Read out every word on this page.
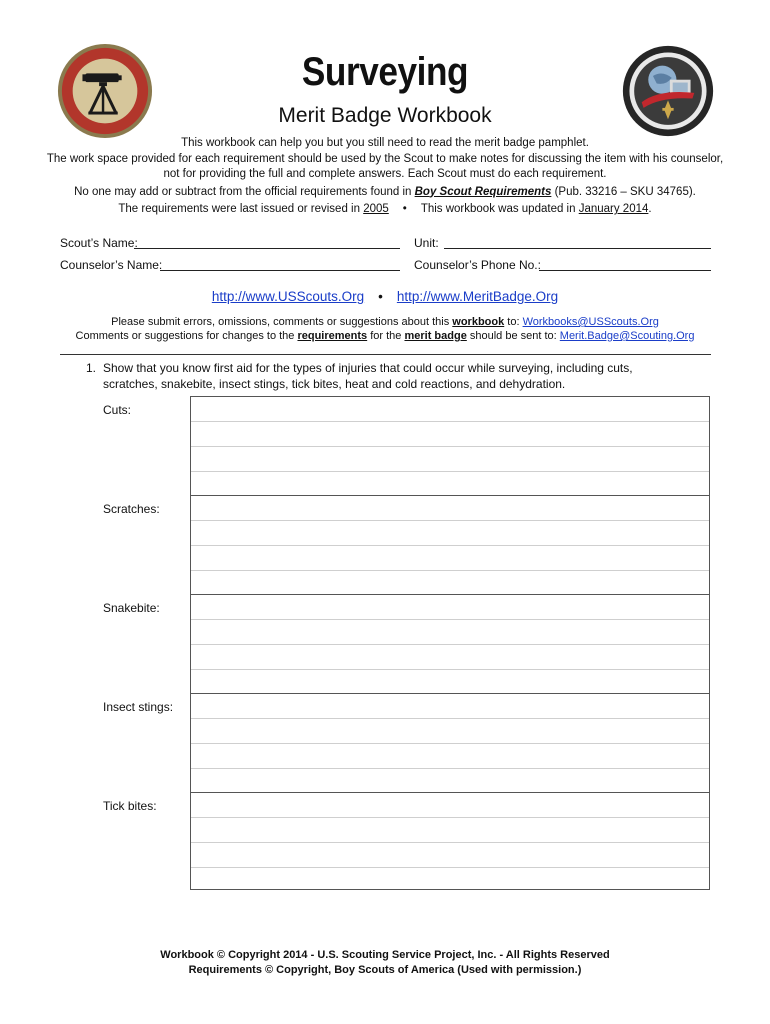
Surveying
Merit Badge Workbook

This workbook can help you but you still need to read the merit badge pamphlet.

The work space provided for each requirement should be used by the Scout to make notes for discussing the item with his counselor, not for providing the full and complete answers. Each Scout must do each requirement.

No one may add or subtract from the official requirements found in Boy Scout Requirements (Pub. 33216 – SKU 34765).

The requirements were last issued or revised in 2005 • This workbook was updated in January 2014.

Scout’s Name:	Unit:
Counselor’s Name:	Counselor’s Phone No.:
http://www.USScouts.Org • http://www.MeritBadge.Org

Please submit errors, omissions, comments or suggestions about this workbook to: Workbooks@USScouts.Org

Comments or suggestions for changes to the requirements for the merit badge should be sent to: Merit.Badge@Scouting.Org

1. Show that you know first aid for the types of injuries that could occur while surveying, including cuts, scratches, snakebite, insect stings, tick bites, heat and cold reactions, and dehydration.
Cuts:
Scratches:
Snakebite:
Insect stings:
Tick bites:

Workbook © Copyright 2014 - U.S. Scouting Service Project, Inc. - All Rights Reserved

Requirements © Copyright, Boy Scouts of America (Used with permission.)
